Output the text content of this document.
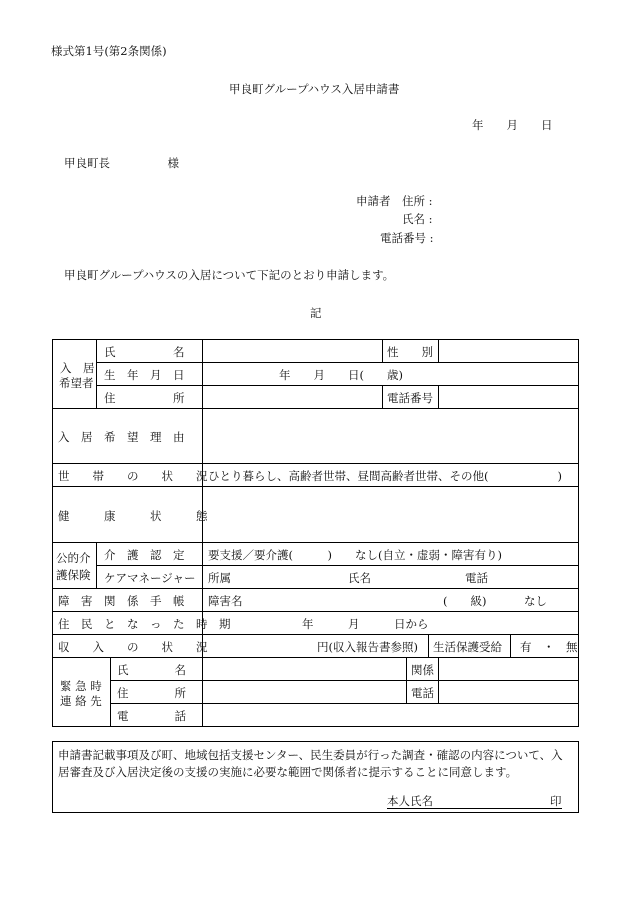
様式第1号(第2条関係)
甲良町グループハウス入居申請書
年　　月　　日
甲良町長　　　　　様
申請者 住所 :
氏名 :
電話番号 :
甲良町グループハウスの入居について下記のとおり申請します。
記
入　居
希望者
氏　　　　　名	性　　別
生　年　月　日	年　　月　　日(　　歳)
住　　　　　所	電話番号
入　居　希　望　理　由
世　　帯　　の　　状　　況 ひとり暮らし、高齢者世帯、昼間高齢者世帯、その他(　　　　　　)
健　　　康　　　状　　　態
公的介
護保険
介　護　認　定 要支援／要介護(　　　)　　なし(自立・虚弱・障害有り)
ケアマネージャー 所属	氏名	電話
障　害　関　係　手　帳 障害名	(　　級)	なし
住　民　と　な　っ　た　時　期	年　　　月　　　日から
収　　入　　の　　状　　況	円(収入報告書参照) 生活保護受給 有　・　無
緊 急 時
連 絡 先
氏　　　　名	関係
住　　　　所	電話
電　　　　話
申請書記載事項及び町、地域包括支援センター、民生委員が行った調査・確認の内容について、入
居審査及び入居決定後の支援の実施に必要な範囲で関係者に提示することに同意します。
本人氏名	印
